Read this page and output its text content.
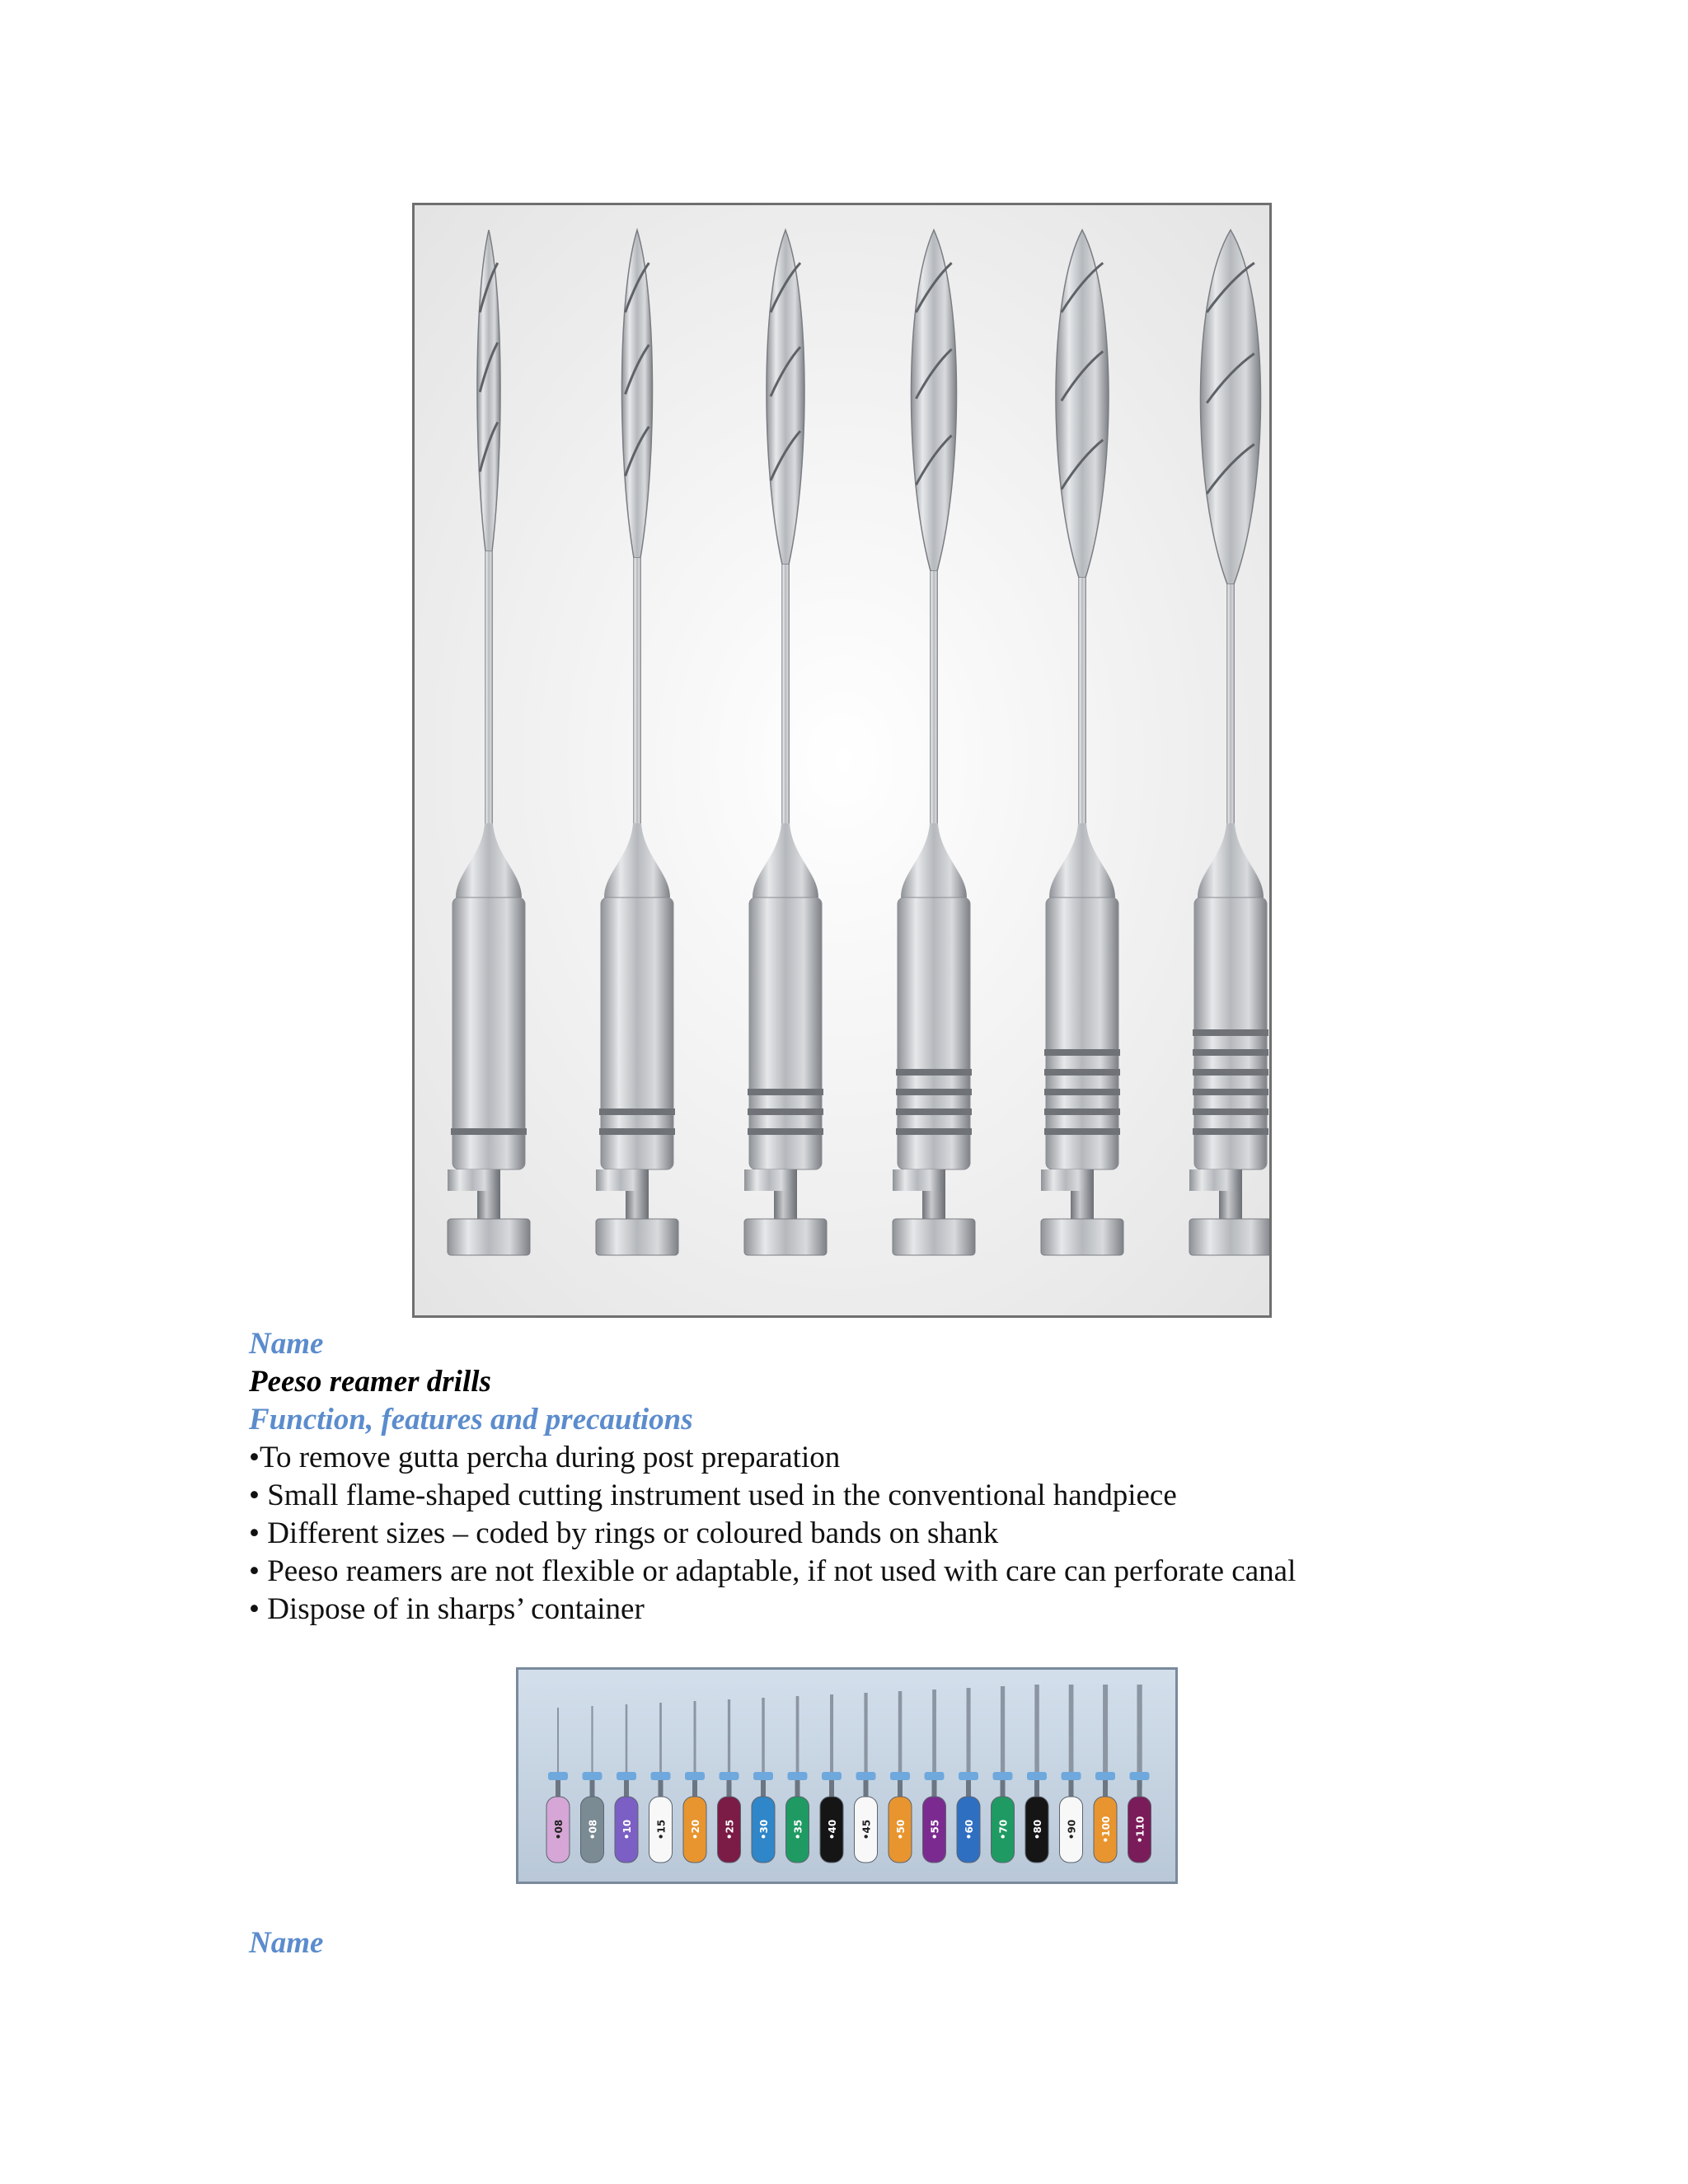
Name
Peeso reamer drills
Function, features and precautions
•To remove gutta percha during post preparation
• Small flame-shaped cutting instrument used in the conventional handpiece
• Different sizes – coded by rings or coloured bands on shank
• Peeso reamers are not flexible or adaptable, if not used with care can perforate canal
• Dispose of in sharps’ container
•08 •08 •10 •15 •20 •25 •30 •35 •40 •45 •50 •55 •60 •70 •80 •90 •100 •110
Name
